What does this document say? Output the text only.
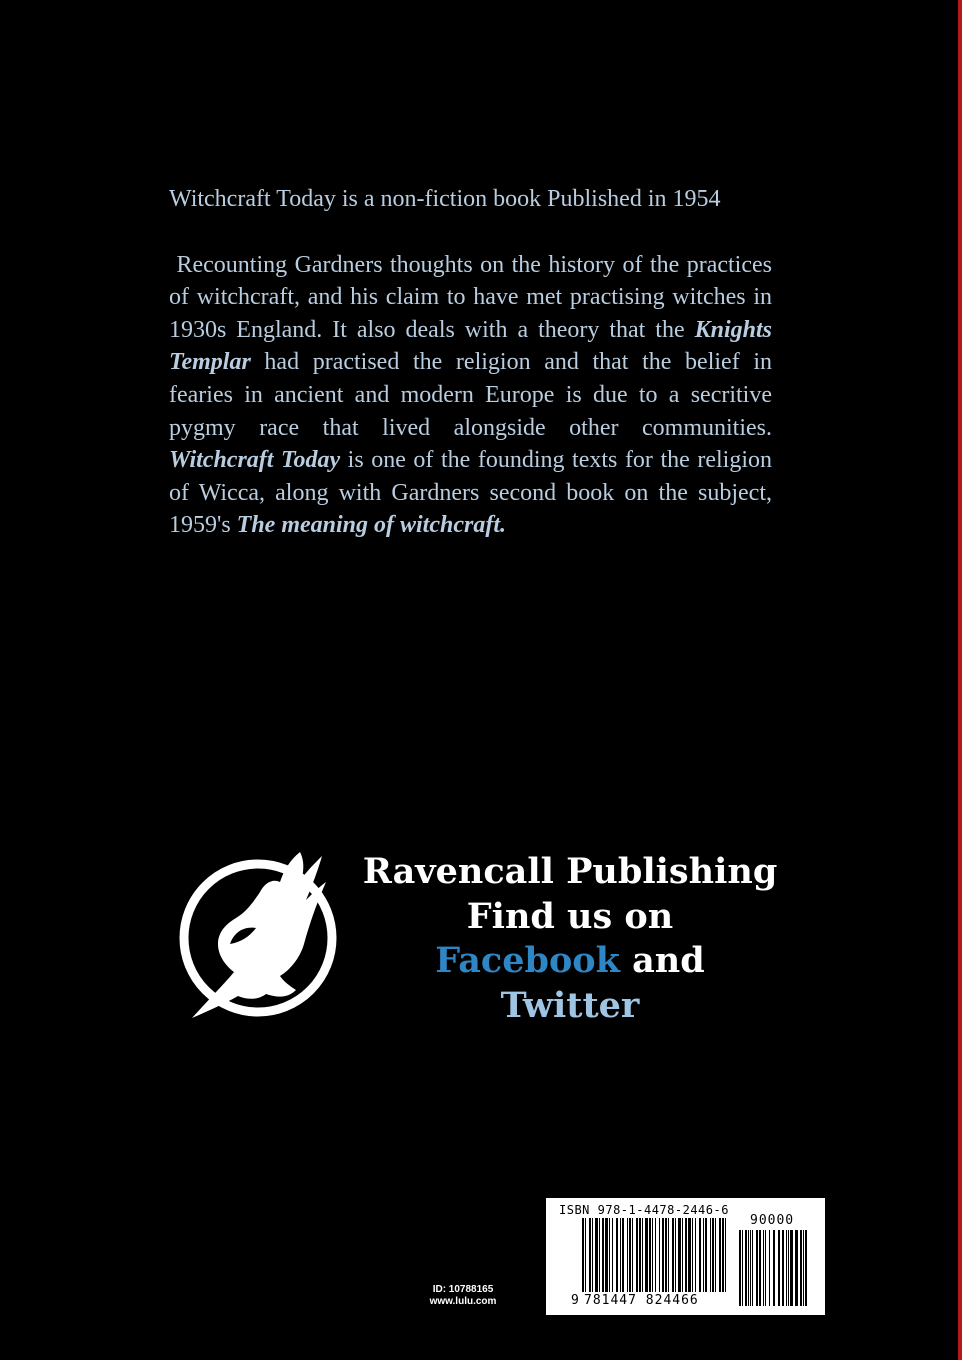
Witchcraft Today is a non-fiction book Published in 1954

Recounting Gardners thoughts on the history of the practices of witchcraft, and his claim to have met practising witches in 1930s England. It also deals with a theory that the Knights Templar had practised the religion and that the belief in fearies in ancient and modern Europe is due to a secritive pygmy race that lived alongside other communities. Witchcraft Today is one of the founding texts for the religion of Wicca, along with Gardners second book on the subject, 1959's The meaning of witchcraft.

Ravencall Publishing
Find us on
Facebook and
Twitter
ID: 10788165
www.lulu.com
ISBN 978-1-4478-2446-6
90000
9 781447 824466
